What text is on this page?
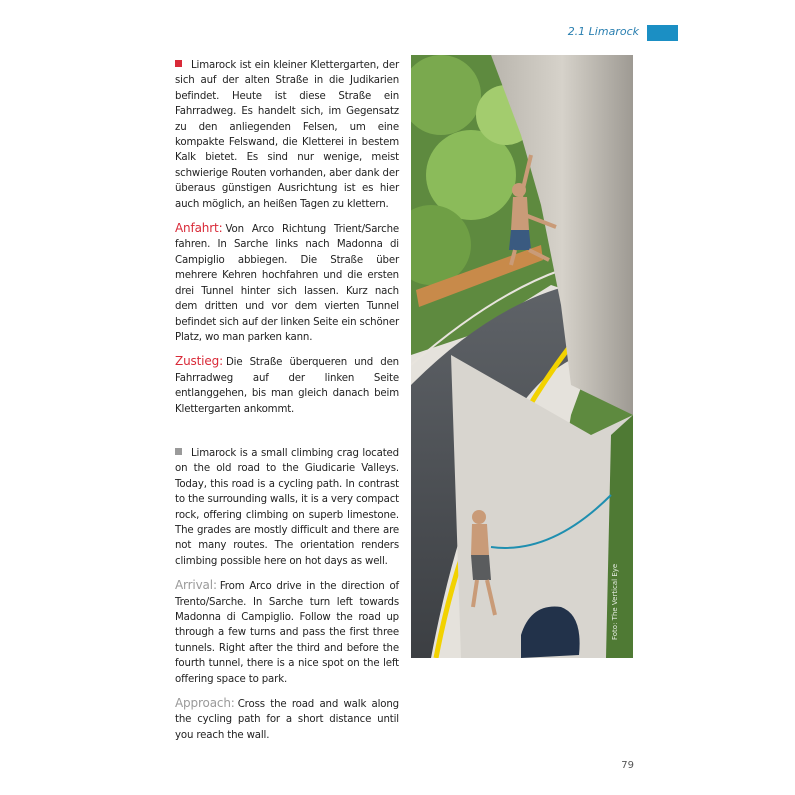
2.1 Limarock

Limarock ist ein kleiner Klettergarten, der sich auf der alten Straße in die Judikarien befindet. Heute ist diese Straße ein Fahrradweg. Es handelt sich, im Gegensatz zu den anliegenden Felsen, um eine kompakte Felswand, die Kletterei in bestem Kalk bietet. Es sind nur wenige, meist schwierige Routen vorhanden, aber dank der überaus günstigen Ausrichtung ist es hier auch möglich, an heißen Tagen zu klettern.

Anfahrt: Von Arco Richtung Trient/Sarche fahren. In Sarche links nach Madonna di Campiglio abbiegen. Die Straße über mehrere Kehren hochfahren und die ersten drei Tunnel hinter sich lassen. Kurz nach dem dritten und vor dem vierten Tunnel befindet sich auf der linken Seite ein schöner Platz, wo man parken kann.

Zustieg: Die Straße überqueren und den Fahrradweg auf der linken Seite entlanggehen, bis man gleich danach beim Klettergarten ankommt.

Limarock is a small climbing crag located on the old road to the Giudicarie Valleys. Today, this road is a cycling path. In contrast to the surrounding walls, it is a very compact rock, offering climbing on superb limestone. The grades are mostly difficult and there are not many routes. The orientation renders climbing possible here on hot days as well.

Arrival: From Arco drive in the direction of Trento/Sarche. In Sarche turn left towards Madonna di Campiglio. Follow the road up through a few turns and pass the first three tunnels. Right after the third and before the fourth tunnel, there is a nice spot on the left offering space to park.

Approach: Cross the road and walk along the cycling path for a short distance until you reach the wall.

Foto: The Vertical Eye
79
